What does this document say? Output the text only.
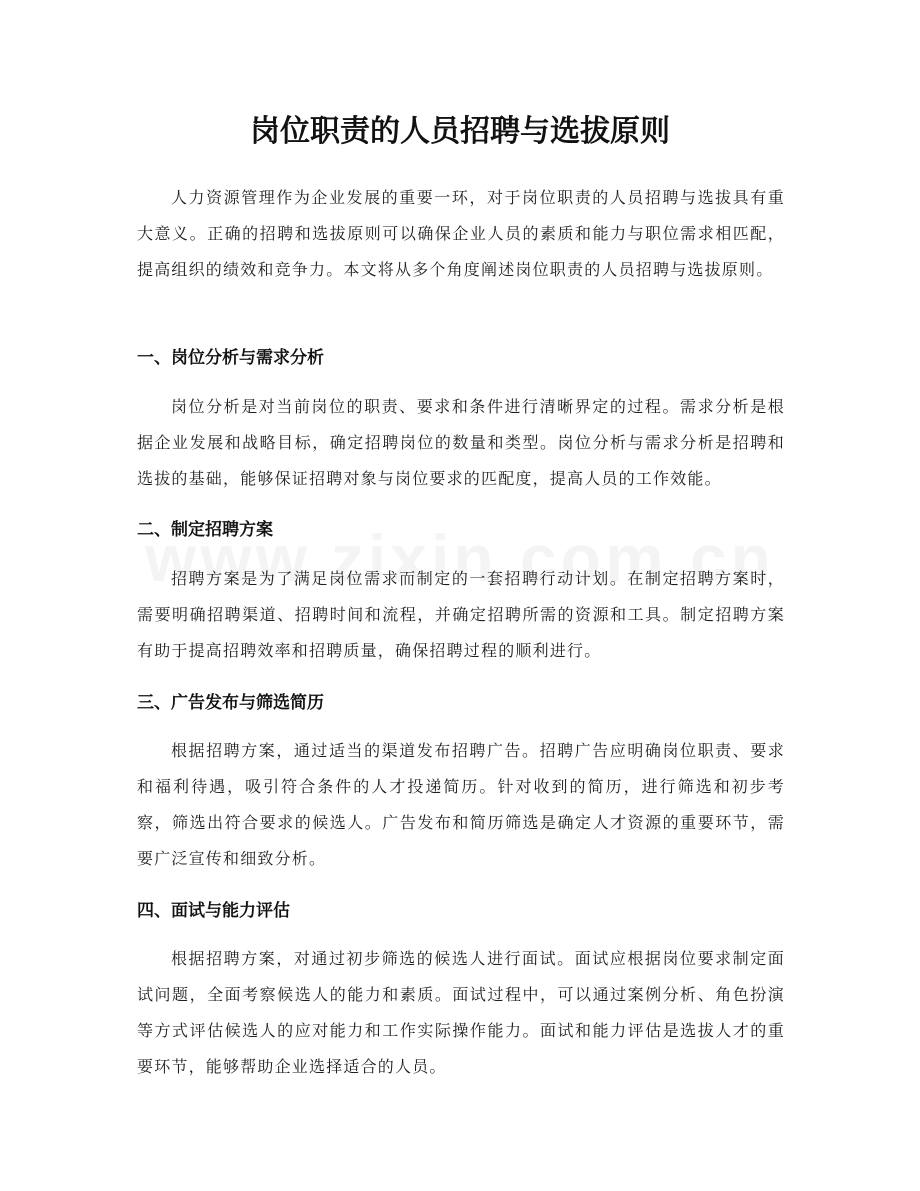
岗位职责的人员招聘与选拔原则

人力资源管理作为企业发展的重要一环，对于岗位职责的人员招聘与选拔具有重大意义。正确的招聘和选拔原则可以确保企业人员的素质和能力与职位需求相匹配，提高组织的绩效和竞争力。本文将从多个角度阐述岗位职责的人员招聘与选拔原则。

一、岗位分析与需求分析

岗位分析是对当前岗位的职责、要求和条件进行清晰界定的过程。需求分析是根据企业发展和战略目标，确定招聘岗位的数量和类型。岗位分析与需求分析是招聘和选拔的基础，能够保证招聘对象与岗位要求的匹配度，提高人员的工作效能。

二、制定招聘方案

招聘方案是为了满足岗位需求而制定的一套招聘行动计划。在制定招聘方案时，需要明确招聘渠道、招聘时间和流程，并确定招聘所需的资源和工具。制定招聘方案有助于提高招聘效率和招聘质量，确保招聘过程的顺利进行。

三、广告发布与筛选简历

根据招聘方案，通过适当的渠道发布招聘广告。招聘广告应明确岗位职责、要求和福利待遇，吸引符合条件的人才投递简历。针对收到的简历，进行筛选和初步考察，筛选出符合要求的候选人。广告发布和简历筛选是确定人才资源的重要环节，需要广泛宣传和细致分析。

四、面试与能力评估

根据招聘方案，对通过初步筛选的候选人进行面试。面试应根据岗位要求制定面试问题，全面考察候选人的能力和素质。面试过程中，可以通过案例分析、角色扮演等方式评估候选人的应对能力和工作实际操作能力。面试和能力评估是选拔人才的重要环节，能够帮助企业选择适合的人员。
